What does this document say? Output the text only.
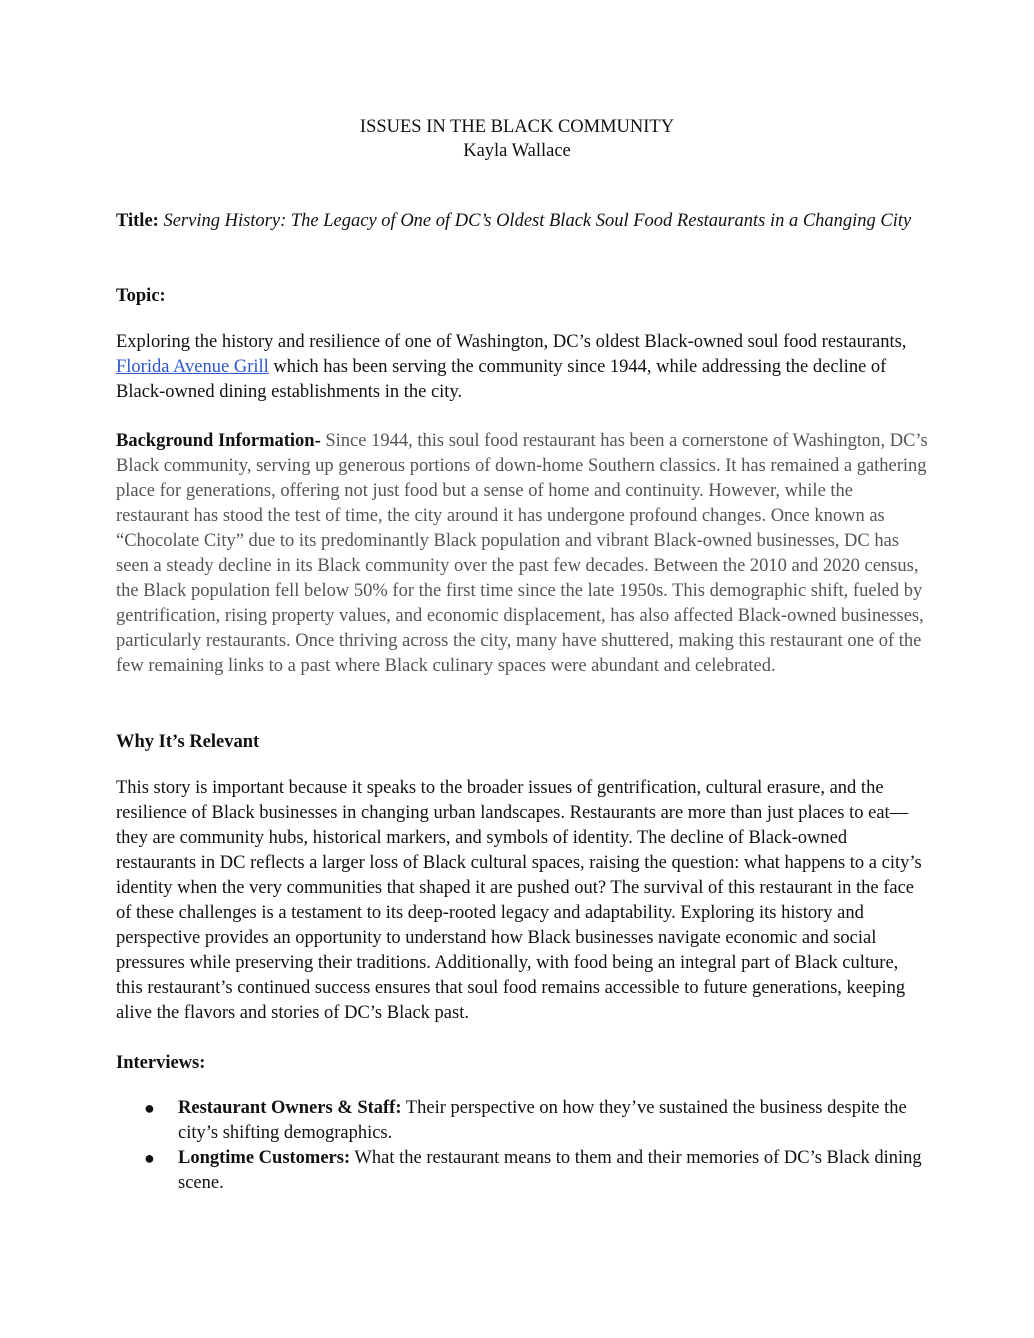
ISSUES IN THE BLACK COMMUNITY
Kayla Wallace
Title: Serving History: The Legacy of One of DC’s Oldest Black Soul Food Restaurants in a Changing City
Topic:
Exploring the history and resilience of one of Washington, DC’s oldest Black-owned soul food restaurants, Florida Avenue Grill which has been serving the community since 1944, while addressing the decline of Black-owned dining establishments in the city.
Background Information- Since 1944, this soul food restaurant has been a cornerstone of Washington, DC’s Black community, serving up generous portions of down-home Southern classics. It has remained a gathering place for generations, offering not just food but a sense of home and continuity. However, while the restaurant has stood the test of time, the city around it has undergone profound changes. Once known as “Chocolate City” due to its predominantly Black population and vibrant Black-owned businesses, DC has seen a steady decline in its Black community over the past few decades. Between the 2010 and 2020 census, the Black population fell below 50% for the first time since the late 1950s. This demographic shift, fueled by gentrification, rising property values, and economic displacement, has also affected Black-owned businesses, particularly restaurants. Once thriving across the city, many have shuttered, making this restaurant one of the few remaining links to a past where Black culinary spaces were abundant and celebrated.
Why It’s Relevant
This story is important because it speaks to the broader issues of gentrification, cultural erasure, and the resilience of Black businesses in changing urban landscapes. Restaurants are more than just places to eat—they are community hubs, historical markers, and symbols of identity. The decline of Black-owned restaurants in DC reflects a larger loss of Black cultural spaces, raising the question: what happens to a city’s identity when the very communities that shaped it are pushed out? The survival of this restaurant in the face of these challenges is a testament to its deep-rooted legacy and adaptability. Exploring its history and perspective provides an opportunity to understand how Black businesses navigate economic and social pressures while preserving their traditions. Additionally, with food being an integral part of Black culture, this restaurant’s continued success ensures that soul food remains accessible to future generations, keeping alive the flavors and stories of DC’s Black past.
Interviews:
● Restaurant Owners & Staff: Their perspective on how they’ve sustained the business despite the city’s shifting demographics.
● Longtime Customers: What the restaurant means to them and their memories of DC’s Black dining scene.
